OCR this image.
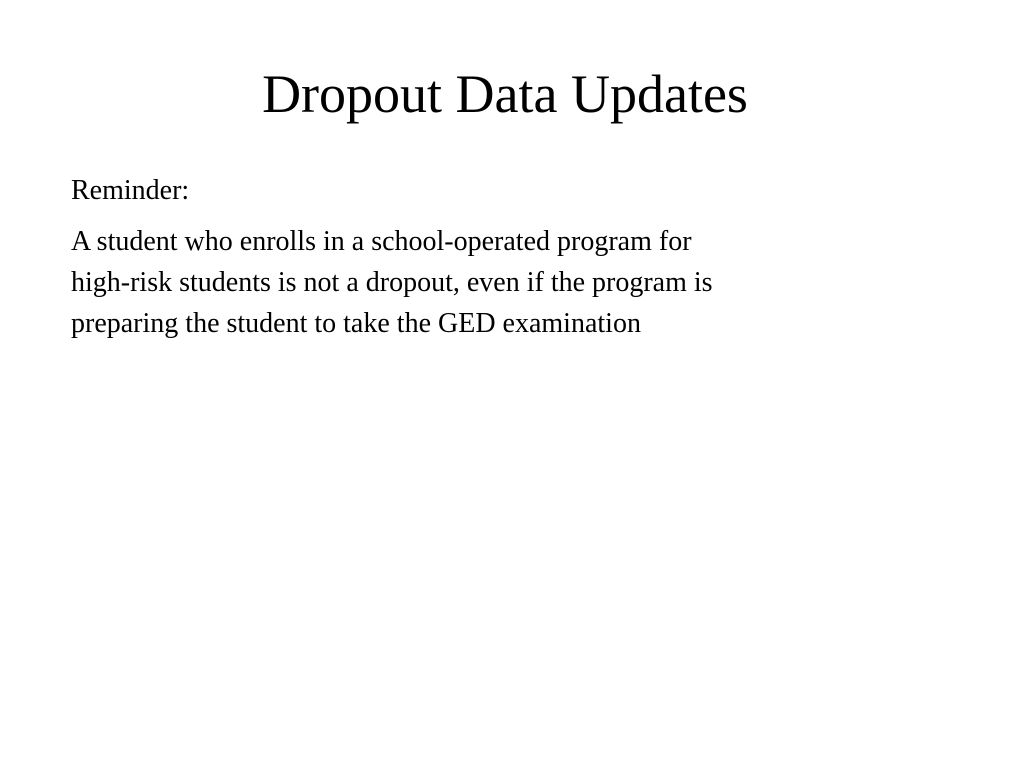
Dropout Data Updates
Reminder:
A student who enrolls in a school-operated program for
high-risk students is not a dropout, even if the program is
preparing the student to take the GED examination
